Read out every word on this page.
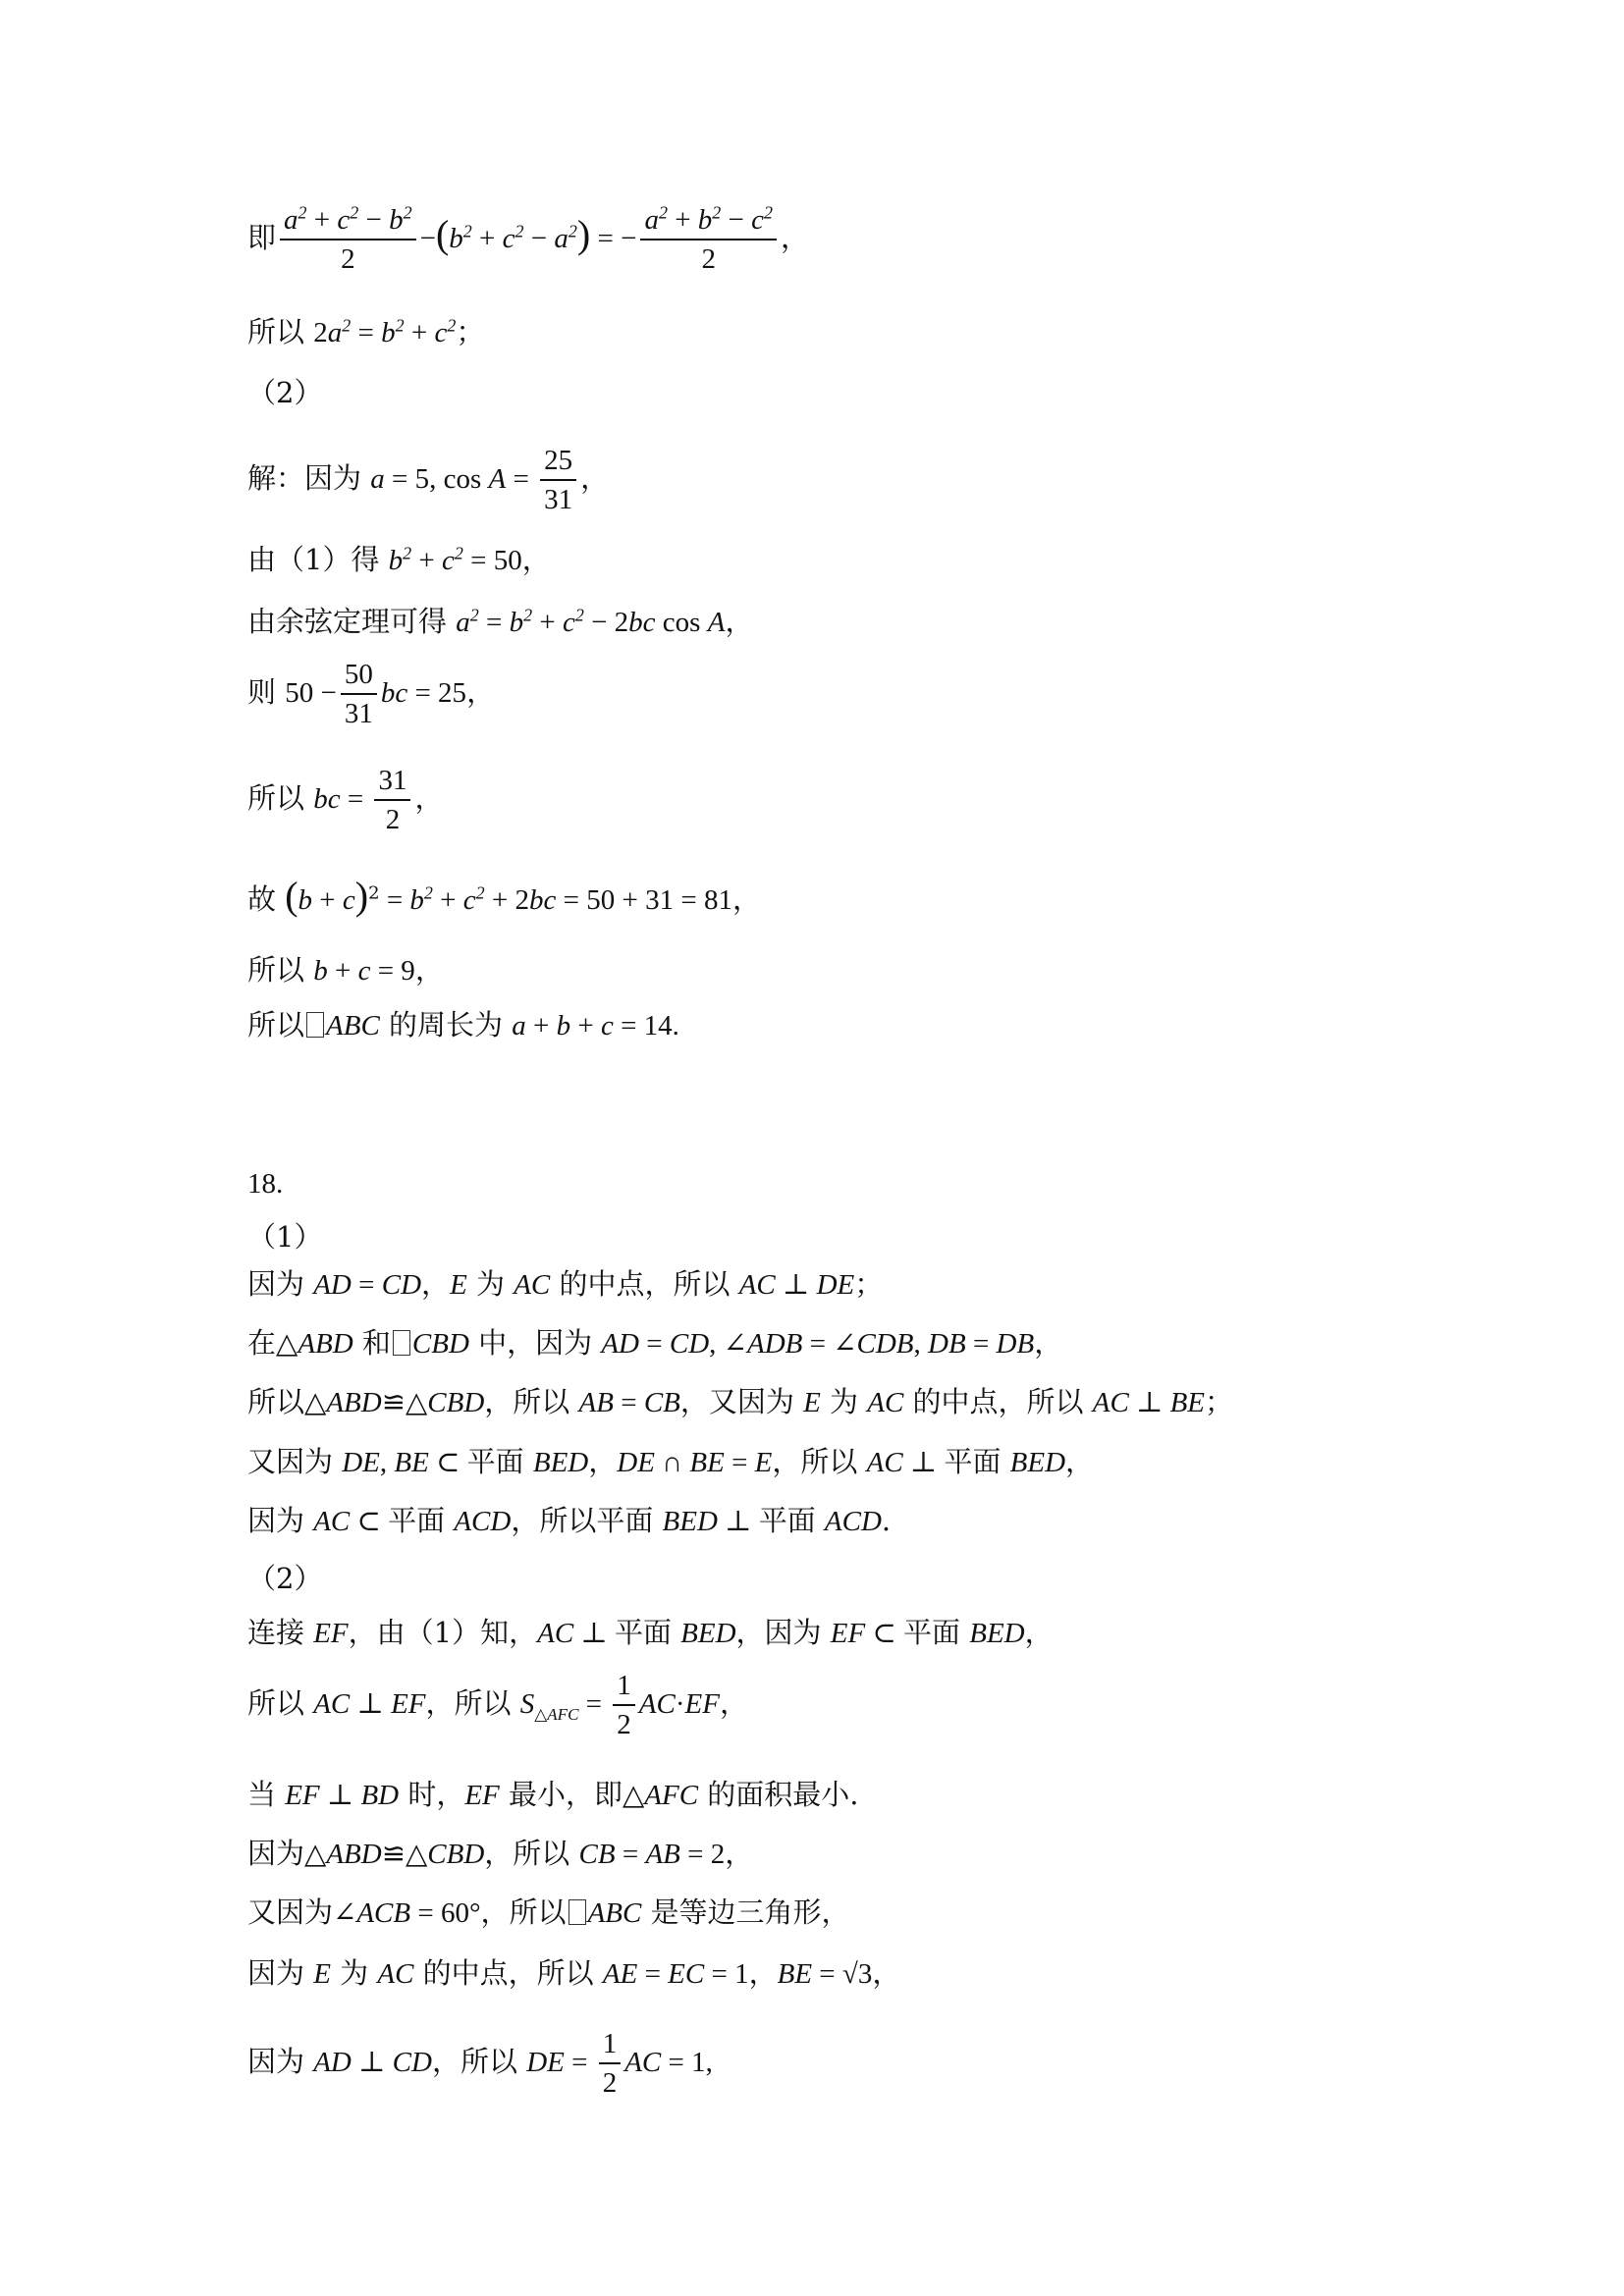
即 $\frac{a^2 + c^2 - b^2}{2} -(b^2 + c^2 - a^2)$ = − $\frac{a^2 + b^2 - c^2}{2}$ ，
所以 $2a^2 = b^2 + c^2$；
（2）
解：因为 a = 5, $\cos A = \frac{25}{31}$ ，
由（1）得 $b^2 + c^2 = 50$，
由余弦定理可得 $a^2 = b^2 + c^2 - 2bc$ cos A，
则 $50 - \frac{50}{31}$ bc = 25，
所以 bc = $\frac{31}{2}$ ，
故 $(b + c)^2 = b^2 + c^2 + 2bc = 50 + 31 = 81$，
所以 b + c = 9，
所以 ABC 的周长为 a + b + c = 14.
18.
（1）
因为 AD = CD，E 为 AC 的中点，所以 AC ⊥ DE；
在△ABD 和 CBD 中，因为 AD = CD, ∠ADB = ∠CDB, DB = DB，
所以△ABD≌△CBD，所以 AB = CB，又因为 E 为 AC 的中点，所以 AC ⊥ BE；
又因为 DE, BE ⊂ 平面 BED，DE ∩ BE = E，所以 AC ⊥ 平面 BED，
因为 AC ⊂ 平面 ACD，所以平面 BED ⊥ 平面 ACD.
（2）
连接 EF，由（1）知，AC ⊥ 平面 BED，因为 EF ⊂ 平面 BED，
所以 AC ⊥ EF，所以 $S_{\triangle AFC} = \frac{1}{2} AC\cdot EF$，
当 EF ⊥ BD 时，EF 最小，即△AFC 的面积最小.
因为△ABD≌△CBD，所以 CB = AB = 2，
又因为∠ACB = 60°，所以 ABC 是等边三角形，
因为 E 为 AC 的中点，所以 AE = EC = 1，BE = √3，
因为 AD ⊥ CD，所以 DE = $\frac{1}{2}$ AC = 1,
